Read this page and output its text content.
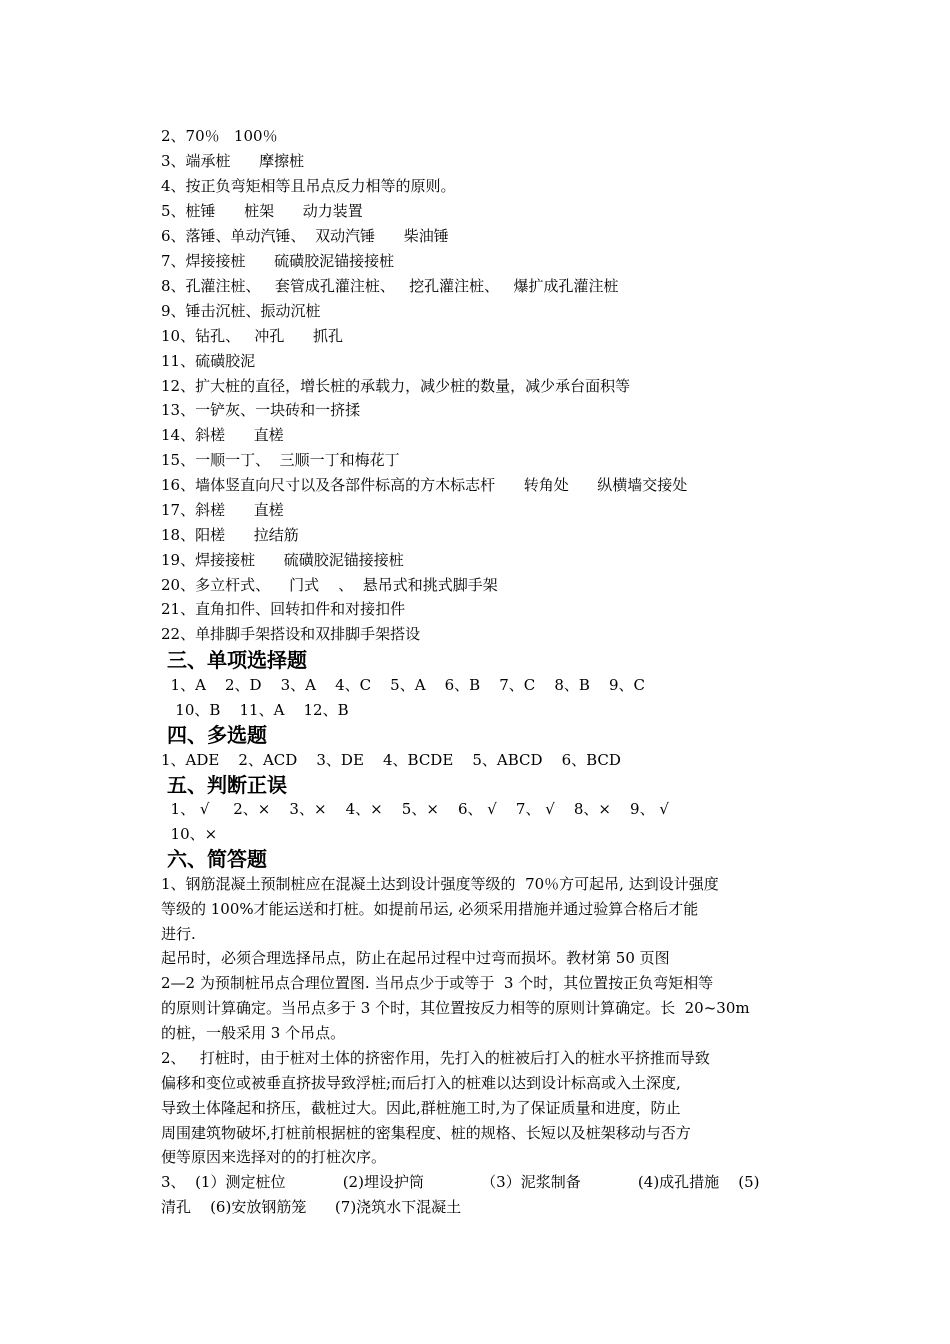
2、70％   100％
3、端承桩      摩擦桩
4、按正负弯矩相等且吊点反力相等的原则。
5、桩锤      桩架      动力装置
6、落锤、单动汽锤、  双动汽锤      柴油锤
7、焊接接桩      硫磺胶泥锚接接桩
8、孔灌注桩、   套管成孔灌注桩、   挖孔灌注桩、   爆扩成孔灌注桩
9、锤击沉桩、振动沉桩
10、钻孔、   冲孔      抓孔
11、硫磺胶泥
12、扩大桩的直径，增长桩的承载力，减少桩的数量，减少承台面积等
13、一铲灰、一块砖和一挤揉
14、斜槎      直槎
15、一顺一丁、  三顺一丁和梅花丁
16、墙体竖直向尺寸以及各部件标高的方木标志杆      转角处      纵横墙交接处
17、斜槎      直槎
18、阳槎      拉结筋
19、焊接接桩      硫磺胶泥锚接接桩
20、多立杆式、    门式    、  悬吊式和挑式脚手架
21、直角扣件、回转扣件和对接扣件
22、单排脚手架搭设和双排脚手架搭设
三、单项选择题
1、A    2、D    3、A    4、C    5、A    6、B    7、C    8、B    9、C
10、B    11、A    12、B
四、多选题
1、ADE    2、ACD    3、DE    4、BCDE    5、ABCD    6、BCD
五、判断正误
1、 √     2、×    3、×    4、×    5、×    6、 √    7、 √    8、×    9、 √
10、×
六、简答题
1、钢筋混凝土预制桩应在混凝土达到设计强度等级的  70％方可起吊, 达到设计强度
等级的 100%才能运送和打桩。如提前吊运, 必须采用措施并通过验算合格后才能
进行.
起吊时，必须合理选择吊点，防止在起吊过程中过弯而损坏。教材第 50 页图
2—2 为预制桩吊点合理位置图. 当吊点少于或等于  3 个时，其位置按正负弯矩相等
的原则计算确定。当吊点多于 3 个时，其位置按反力相等的原则计算确定。长  20~30m
的桩，一般采用 3 个吊点。
2、   打桩时，由于桩对土体的挤密作用，先打入的桩被后打入的桩水平挤推而导致
偏移和变位或被垂直挤拔导致浮桩;而后打入的桩难以达到设计标高或入土深度,
导致土体隆起和挤压，截桩过大。因此,群桩施工时,为了保证质量和进度，防止
周围建筑物破坏,打桩前根据桩的密集程度、桩的规格、长短以及桩架移动与否方
便等原因来选择对的的打桩次序。
3、  (1）测定桩位            (2)埋设护筒            （3）泥浆制备            (4)成孔措施    (5)
清孔    (6)安放钢筋笼      (7)浇筑水下混凝土
